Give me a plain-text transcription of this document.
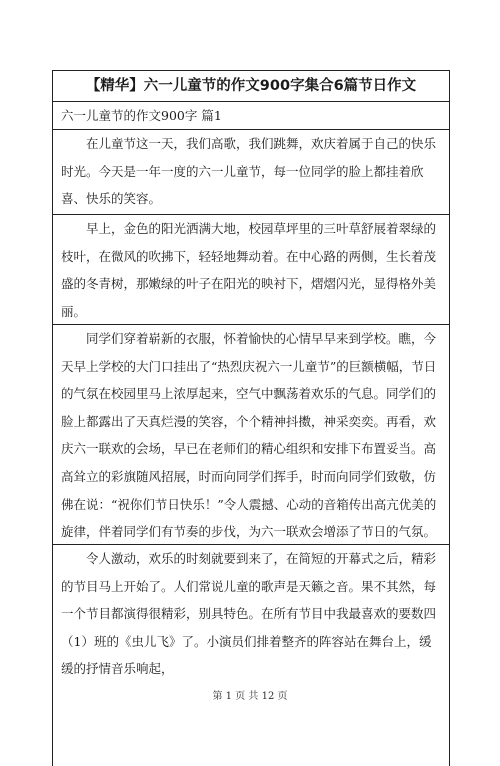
【精华】六一儿童节的作文900字集合6篇节日作文
六一儿童节的作文900字 篇1
在儿童节这一天，我们高歌，我们跳舞，欢庆着属于自己的快乐时光。今天是一年一度的六一儿童节，每一位同学的脸上都挂着欣喜、快乐的笑容。
早上，金色的阳光洒满大地，校园草坪里的三叶草舒展着翠绿的枝叶，在微风的吹拂下，轻轻地舞动着。在中心路的两侧，生长着茂盛的冬青树，那嫩绿的叶子在阳光的映衬下，熠熠闪光，显得格外美丽。
同学们穿着崭新的衣服，怀着愉快的心情早早来到学校。瞧，今天早上学校的大门口挂出了“热烈庆祝六一儿童节”的巨额横幅，节日的气氛在校园里马上浓厚起来，空气中飘荡着欢乐的气息。同学们的脸上都露出了天真烂漫的笑容，个个精神抖擞，神采奕奕。再看，欢庆六一联欢的会场，早已在老师们的精心组织和安排下布置妥当。高高耸立的彩旗随风招展，时而向同学们挥手，时而向同学们致敬，仿佛在说：“祝你们节日快乐！”令人震撼、心动的音箱传出高亢优美的旋律，伴着同学们有节奏的步伐，为六一联欢会增添了节日的气氛。
令人激动，欢乐的时刻就要到来了，在简短的开幕式之后，精彩的节目马上开始了。人们常说儿童的歌声是天籁之音。果不其然，每一个节目都演得很精彩，别具特色。在所有节目中我最喜欢的要数四（1）班的《虫儿飞》了。小演员们排着整齐的阵容站在舞台上，缓缓的抒情音乐响起，
第 1 页 共 12 页
